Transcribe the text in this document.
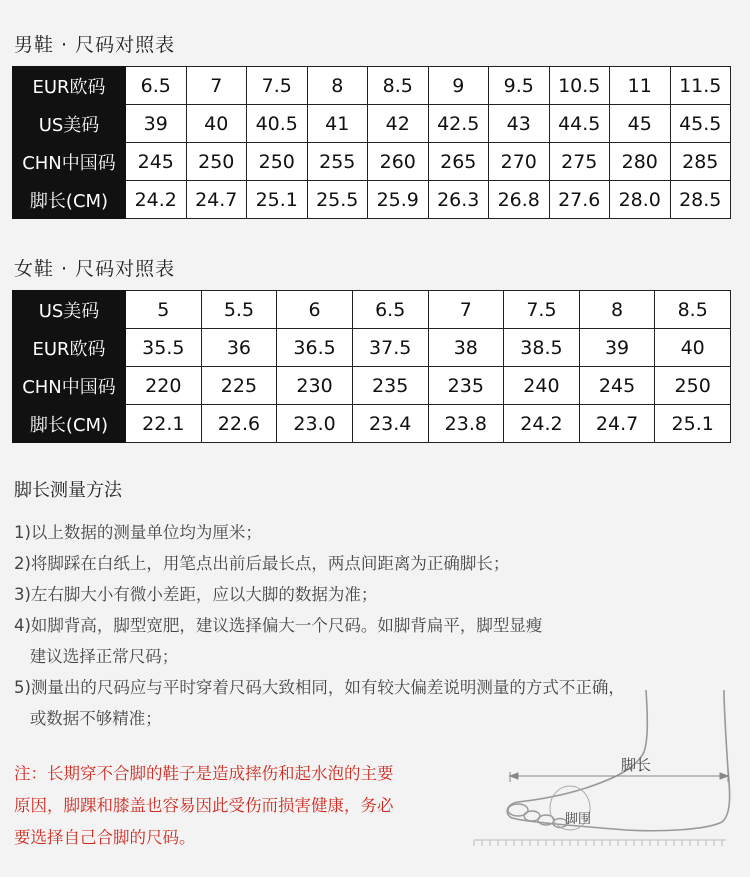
男鞋 · 尺码对照表
EUR欧码	6.5	7	7.5	8	8.5	9	9.5	10.5	11	11.5
US美码	39	40	40.5	41	42	42.5	43	44.5	45	45.5
CHN中国码	245	250	250	255	260	265	270	275	280	285
脚长(CM)	24.2	24.7	25.1	25.5	25.9	26.3	26.8	27.6	28.0	28.5
女鞋 · 尺码对照表
US美码	5	5.5	6	6.5	7	7.5	8	8.5
EUR欧码	35.5	36	36.5	37.5	38	38.5	39	40
CHN中国码	220	225	230	235	235	240	245	250
脚长(CM)	22.1	22.6	23.0	23.4	23.8	24.2	24.7	25.1
脚长测量方法
1)以上数据的测量单位均为厘米；
2)将脚踩在白纸上，用笔点出前后最长点，两点间距离为正确脚长；
3)左右脚大小有微小差距，应以大脚的数据为准；
4)如脚背高，脚型宽肥，建议选择偏大一个尺码。如脚背扁平，脚型显瘦
建议选择正常尺码；
5)测量出的尺码应与平时穿着尺码大致相同，如有较大偏差说明测量的方式不正确，
或数据不够精准；
注：长期穿不合脚的鞋子是造成摔伤和起水泡的主要
原因，脚踝和膝盖也容易因此受伤而损害健康，务必
要选择自己合脚的尺码。
脚长
脚围
